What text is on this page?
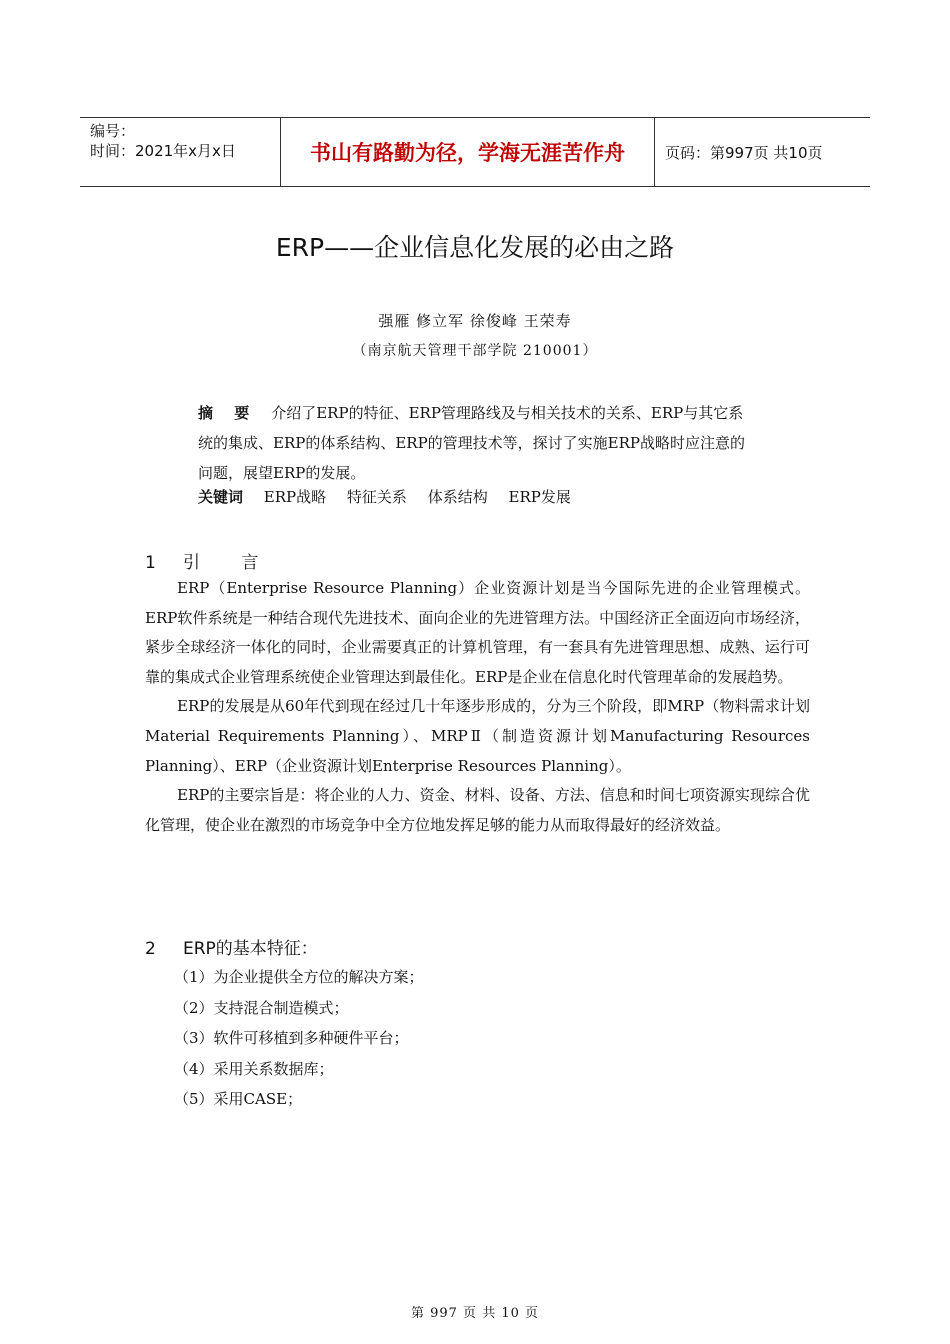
编号：
时间：2021年x月x日	书山有路勤为径，学海无涯苦作舟	页码：第997页 共10页
ERP——企业信息化发展的必由之路
强雁 修立军 徐俊峰 王荣寿
（南京航天管理干部学院 210001）
摘 要 介绍了ERP的特征、ERP管理路线及与相关技术的关系、ERP与其它系统的集成、ERP的体系结构、ERP的管理技术等，探讨了实施ERP战略时应注意的问题，展望ERP的发展。
关键词 ERP战略 特征关系 体系结构 ERP发展
1 引 言

ERP（Enterprise Resource Planning）企业资源计划是当今国际先进的企业管理模式。ERP软件系统是一种结合现代先进技术、面向企业的先进管理方法。中国经济正全面迈向市场经济，紧步全球经济一体化的同时，企业需要真正的计算机管理，有一套具有先进管理思想、成熟、运行可靠的集成式企业管理系统使企业管理达到最佳化。ERP是企业在信息化时代管理革命的发展趋势。

ERP的发展是从60年代到现在经过几十年逐步形成的，分为三个阶段，即MRP（物料需求计划Material Requirements Planning）、MRPⅡ（制造资源计划Manufacturing Resources Planning）、ERP（企业资源计划Enterprise Resources Planning）。

ERP的主要宗旨是：将企业的人力、资金、材料、设备、方法、信息和时间七项资源实现综合优化管理，使企业在激烈的市场竞争中全方位地发挥足够的能力从而取得最好的经济效益。

2 ERP的基本特征：
（1）为企业提供全方位的解决方案；
（2）支持混合制造模式；
（3）软件可移植到多种硬件平台；
（4）采用关系数据库；
（5）采用CASE；
第 997 页 共 10 页
